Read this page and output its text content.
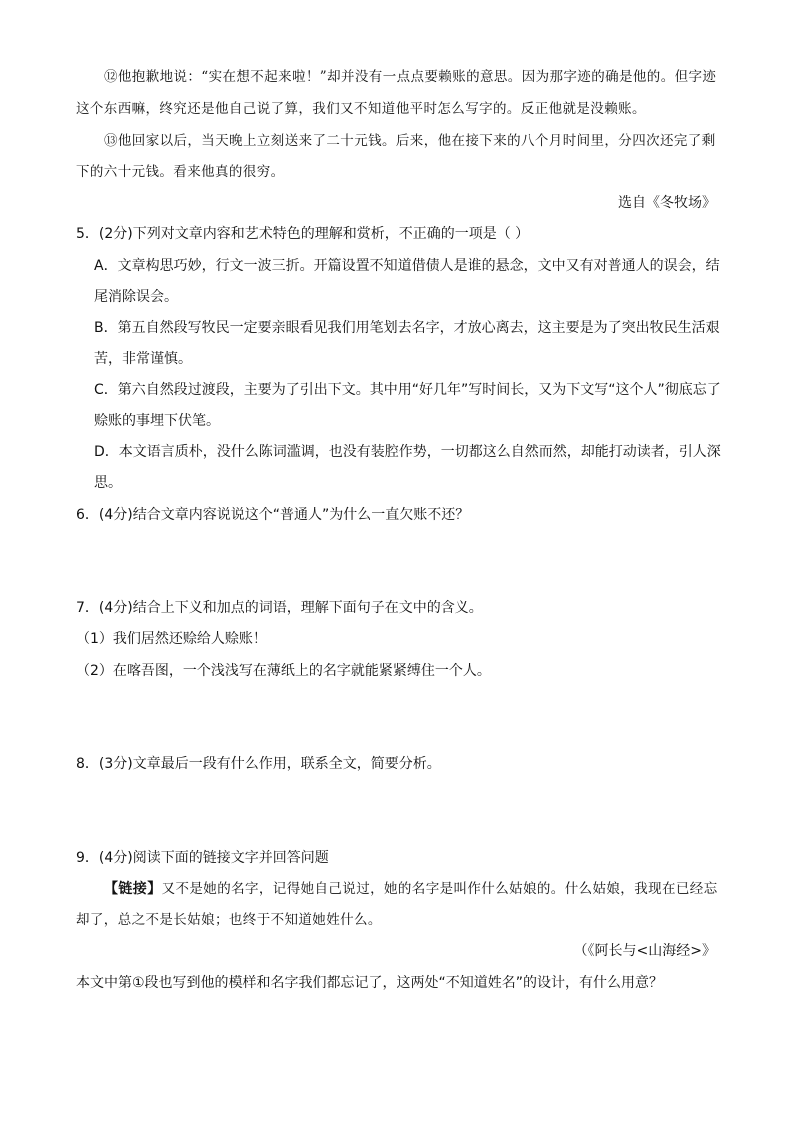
⑫他抱歉地说：“实在想不起来啦！”却并没有一点点要赖账的意思。因为那字迹的确是他的。但字迹

这个东西嘛，终究还是他自己说了算，我们又不知道他平时怎么写字的。反正他就是没赖账。

⑬他回家以后，当天晚上立刻送来了二十元钱。后来，他在接下来的八个月时间里，分四次还完了剩

下的六十元钱。看来他真的很穷。

选自《冬牧场》

5．(2分)下列对文章内容和艺术特色的理解和赏析，不正确的一项是（ ）

A．文章构思巧妙，行文一波三折。开篇设置不知道借债人是谁的悬念，文中又有对普通人的误会，结

尾消除误会。

B．第五自然段写牧民一定要亲眼看见我们用笔划去名字，才放心离去，这主要是为了突出牧民生活艰

苦，非常谨慎。

C．第六自然段过渡段，主要为了引出下文。其中用“好几年”写时间长，又为下文写“这个人”彻底忘了

赊账的事埋下伏笔。

D．本文语言质朴，没什么陈词滥调，也没有装腔作势，一切都这么自然而然，却能打动读者，引人深

思。

6．(4分)结合文章内容说说这个“普通人”为什么一直欠账不还？

7．(4分)结合上下义和加点的词语，理解下面句子在文中的含义。

（1）我们居然还赊给人赊账！

（2）在喀吾图，一个浅浅写在薄纸上的名字就能紧紧缚住一个人。

8．(3分)文章最后一段有什么作用，联系全文，简要分析。

9．(4分)阅读下面的链接文字并回答问题

【链接】又不是她的名字，记得她自己说过，她的名字是叫作什么姑娘的。什么姑娘，我现在已经忘

却了，总之不是长姑娘；也终于不知道她姓什么。

（《阿长与<山海经>》

本文中第①段也写到他的模样和名字我们都忘记了，这两处“不知道姓名”的设计，有什么用意？
